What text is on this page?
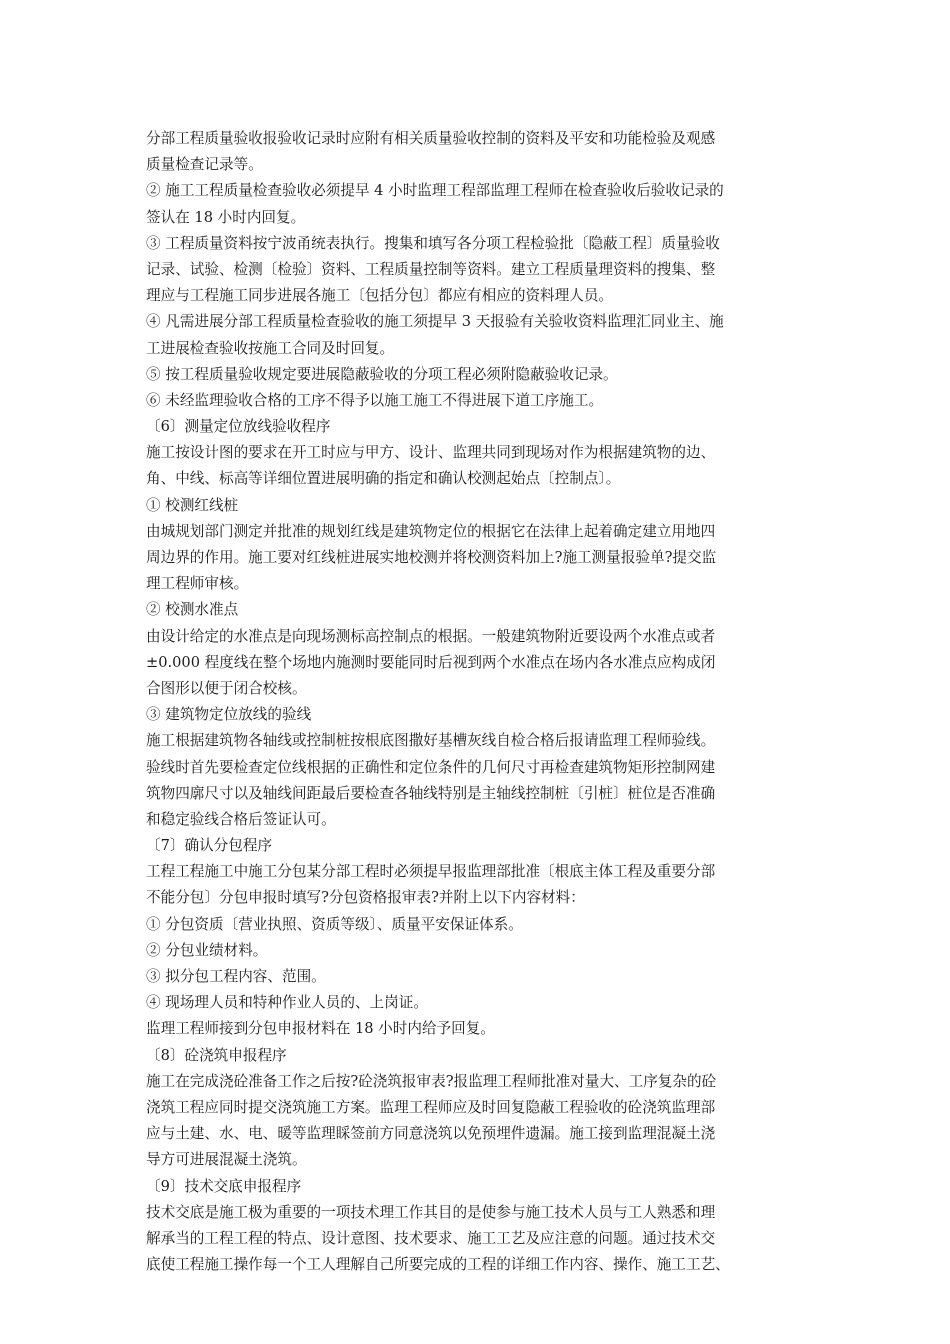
分部工程质量验收报验收记录时应附有相关质量验收控制的资料及平安和功能检验及观感
质量检查记录等。
② 施工工程质量检查验收必须提早 4 小时监理工程部监理工程师在检查验收后验收记录的
签认在 18 小时内回复。
③ 工程质量资料按宁波甬统表执行。搜集和填写各分项工程检验批〔隐蔽工程〕质量验收
记录、试验、检测〔检验〕资料、工程质量控制等资料。建立工程质量理资料的搜集、整
理应与工程施工同步进展各施工〔包括分包〕都应有相应的资料理人员。
④ 凡需进展分部工程质量检查验收的施工须提早 3 天报验有关验收资料监理汇同业主、施
工进展检查验收按施工合同及时回复。
⑤ 按工程质量验收规定要进展隐蔽验收的分项工程必须附隐蔽验收记录。
⑥ 未经监理验收合格的工序不得予以施工施工不得进展下道工序施工。
〔6〕测量定位放线验收程序
施工按设计图的要求在开工时应与甲方、设计、监理共同到现场对作为根据建筑物的边、
角、中线、标高等详细位置进展明确的指定和确认校测起始点〔控制点〕。
① 校测红线桩
由城规划部门测定并批准的规划红线是建筑物定位的根据它在法律上起着确定建立用地四
周边界的作用。施工要对红线桩进展实地校测并将校测资料加上?施工测量报验单?提交监
理工程师审核。
② 校测水准点
由设计给定的水准点是向现场测标高控制点的根据。一般建筑物附近要设两个水准点或者
±0.000 程度线在整个场地内施测时要能同时后视到两个水准点在场内各水准点应构成闭
合图形以便于闭合校核。
③ 建筑物定位放线的验线
施工根据建筑物各轴线或控制桩按根底图撒好基槽灰线自检合格后报请监理工程师验线。
验线时首先要检查定位线根据的正确性和定位条件的几何尺寸再检查建筑物矩形控制网建
筑物四廓尺寸以及轴线间距最后要检查各轴线特别是主轴线控制桩〔引桩〕桩位是否准确
和稳定验线合格后签证认可。
〔7〕确认分包程序
工程工程施工中施工分包某分部工程时必须提早报监理部批准〔根底主体工程及重要分部
不能分包〕分包申报时填写?分包资格报审表?并附上以下内容材料：
① 分包资质〔营业执照、资质等级〕、质量平安保证体系。
② 分包业绩材料。
③ 拟分包工程内容、范围。
④ 现场理人员和特种作业人员的、上岗证。
监理工程师接到分包申报材料在 18 小时内给予回复。
〔8〕砼浇筑申报程序
施工在完成浇砼准备工作之后按?砼浇筑报审表?报监理工程师批准对量大、工序复杂的砼
浇筑工程应同时提交浇筑施工方案。监理工程师应及时回复隐蔽工程验收的砼浇筑监理部
应与土建、水、电、暖等监理睬签前方同意浇筑以免预埋件遗漏。施工接到监理混凝土浇
导方可进展混凝土浇筑。
〔9〕技术交底申报程序
技术交底是施工极为重要的一项技术理工作其目的是使参与施工技术人员与工人熟悉和理
解承当的工程工程的特点、设计意图、技术要求、施工工艺及应注意的问题。通过技术交
底使工程施工操作每一个工人理解自己所要完成的工程的详细工作内容、操作、施工工艺、
